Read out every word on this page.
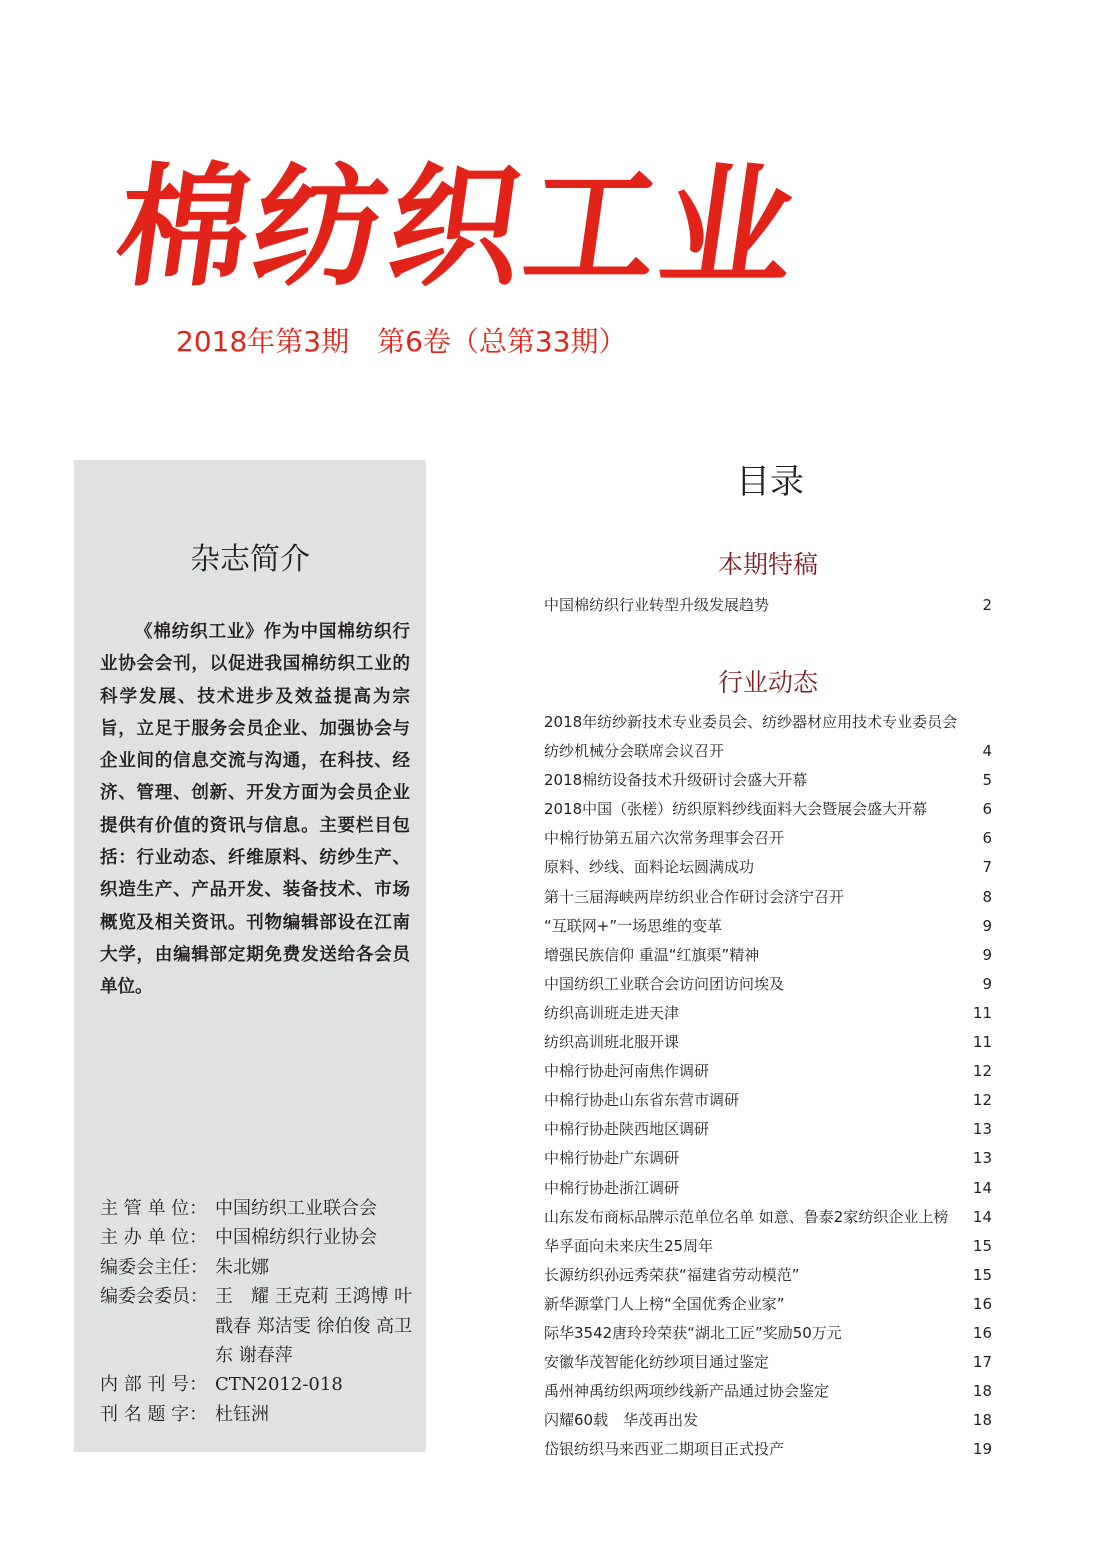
棉纺织工业
2018年第3期　第6卷（总第33期）
杂志简介
《棉纺织工业》作为中国棉纺织行业协会会刊，以促进我国棉纺织工业的科学发展、技术进步及效益提高为宗旨，立足于服务会员企业、加强协会与企业间的信息交流与沟通，在科技、经济、管理、创新、开发方面为会员企业提供有价值的资讯与信息。主要栏目包括：行业动态、纤维原料、纺纱生产、织造生产、产品开发、装备技术、市场概览及相关资讯。刊物编辑部设在江南大学，由编辑部定期免费发送给各会员单位。
主 管 单 位： 中国纺织工业联合会
主 办 单 位： 中国棉纺织行业协会
编委会主任： 朱北娜
编委会委员： 王　耀 王克莉 王鸿博 叶戬春 郑洁雯 徐伯俊 高卫东 谢春萍
内 部 刊 号： CTN2012-018
刊 名 题 字： 杜钰洲
目录
本期特稿
中国棉纺织行业转型升级发展趋势	2
行业动态
2018年纺纱新技术专业委员会、纺纱器材应用技术专业委员会
纺纱机械分会联席会议召开	4
2018棉纺设备技术升级研讨会盛大开幕	5
2018中国（张槎）纺织原料纱线面料大会暨展会盛大开幕	6
中棉行协第五届六次常务理事会召开	6
原料、纱线、面料论坛圆满成功	7
第十三届海峡两岸纺织业合作研讨会济宁召开	8
“互联网+”一场思维的变革	9
增强民族信仰 重温“红旗渠”精神	9
中国纺织工业联合会访问团访问埃及	9
纺织高训班走进天津	11
纺织高训班北服开课	11
中棉行协赴河南焦作调研	12
中棉行协赴山东省东营市调研	12
中棉行协赴陕西地区调研	13
中棉行协赴广东调研	13
中棉行协赴浙江调研	14
山东发布商标品牌示范单位名单 如意、鲁泰2家纺织企业上榜 14
华孚面向未来庆生25周年	15
长源纺织孙远秀荣获“福建省劳动模范”	15
新华源掌门人上榜“全国优秀企业家”	16
际华3542唐玲玲荣获“湖北工匠”奖励50万元	16
安徽华茂智能化纺纱项目通过鉴定	17
禹州神禹纺织两项纱线新产品通过协会鉴定	18
闪耀60载　华茂再出发	18
岱银纺织马来西亚二期项目正式投产	19
